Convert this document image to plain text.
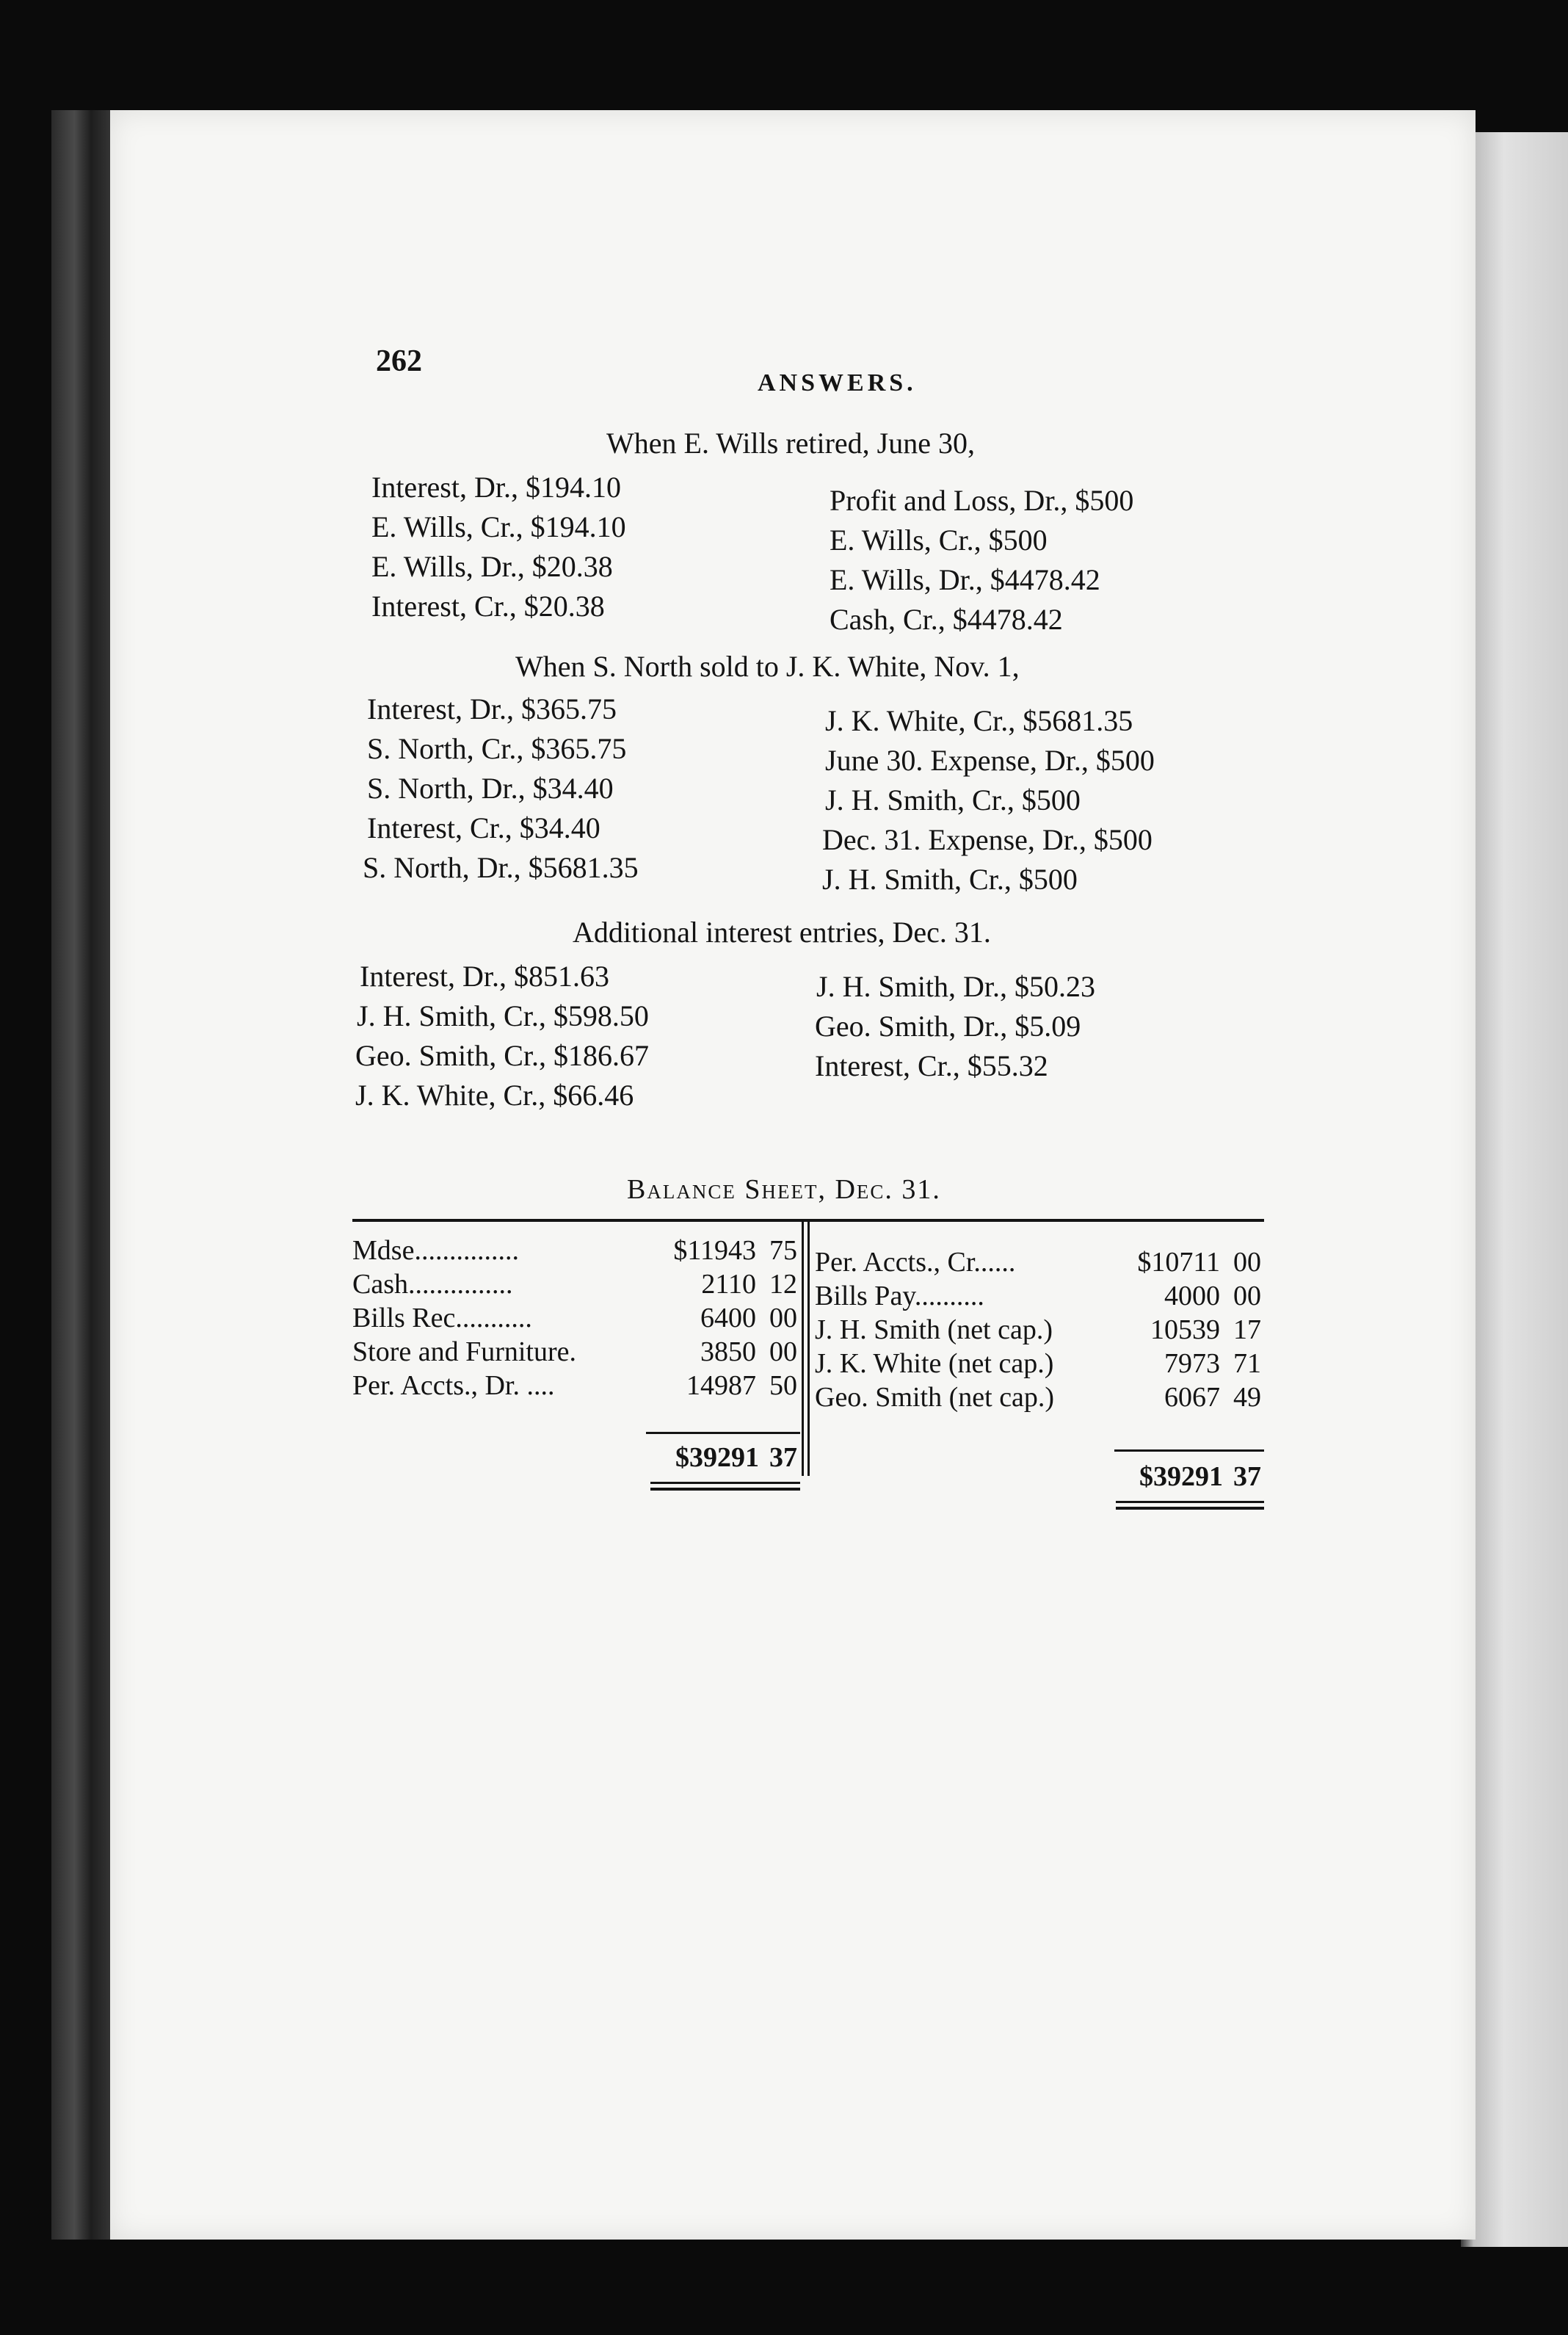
262
ANSWERS.
When E. Wills retired, June 30,
Interest, Dr., $194.10
E. Wills, Cr., $194.10
E. Wills, Dr., $20.38
Interest, Cr., $20.38
Profit and Loss, Dr., $500
E. Wills, Cr., $500
E. Wills, Dr., $4478.42
Cash, Cr., $4478.42
When S. North sold to J. K. White, Nov. 1,
Interest, Dr., $365.75
S. North, Cr., $365.75
S. North, Dr., $34.40
Interest, Cr., $34.40
S. North, Dr., $5681.35
J. K. White, Cr., $5681.35
June 30. Expense, Dr., $500
J. H. Smith, Cr., $500
Dec. 31. Expense, Dr., $500
J. H. Smith, Cr., $500
Additional interest entries, Dec. 31.
Interest, Dr., $851.63
J. H. Smith, Cr., $598.50
Geo. Smith, Cr., $186.67
J. K. White, Cr., $66.46
J. H. Smith, Dr., $50.23
Geo. Smith, Dr., $5.09
Interest, Cr., $55.32
Balance Sheet, Dec. 31.
Mdse...............	$11943 75
Cash...............	2110 12
Bills Rec...........	6400 00
Store and Furniture.	3850 00
Per. Accts., Dr. ....	14987 50
Per. Accts., Cr......	$10711 00
Bills Pay..........	4000 00
J. H. Smith (net cap.)	10539 17
J. K. White (net cap.)	7973 71
Geo. Smith (net cap.)	6067 49
$39291 37
$39291 37
